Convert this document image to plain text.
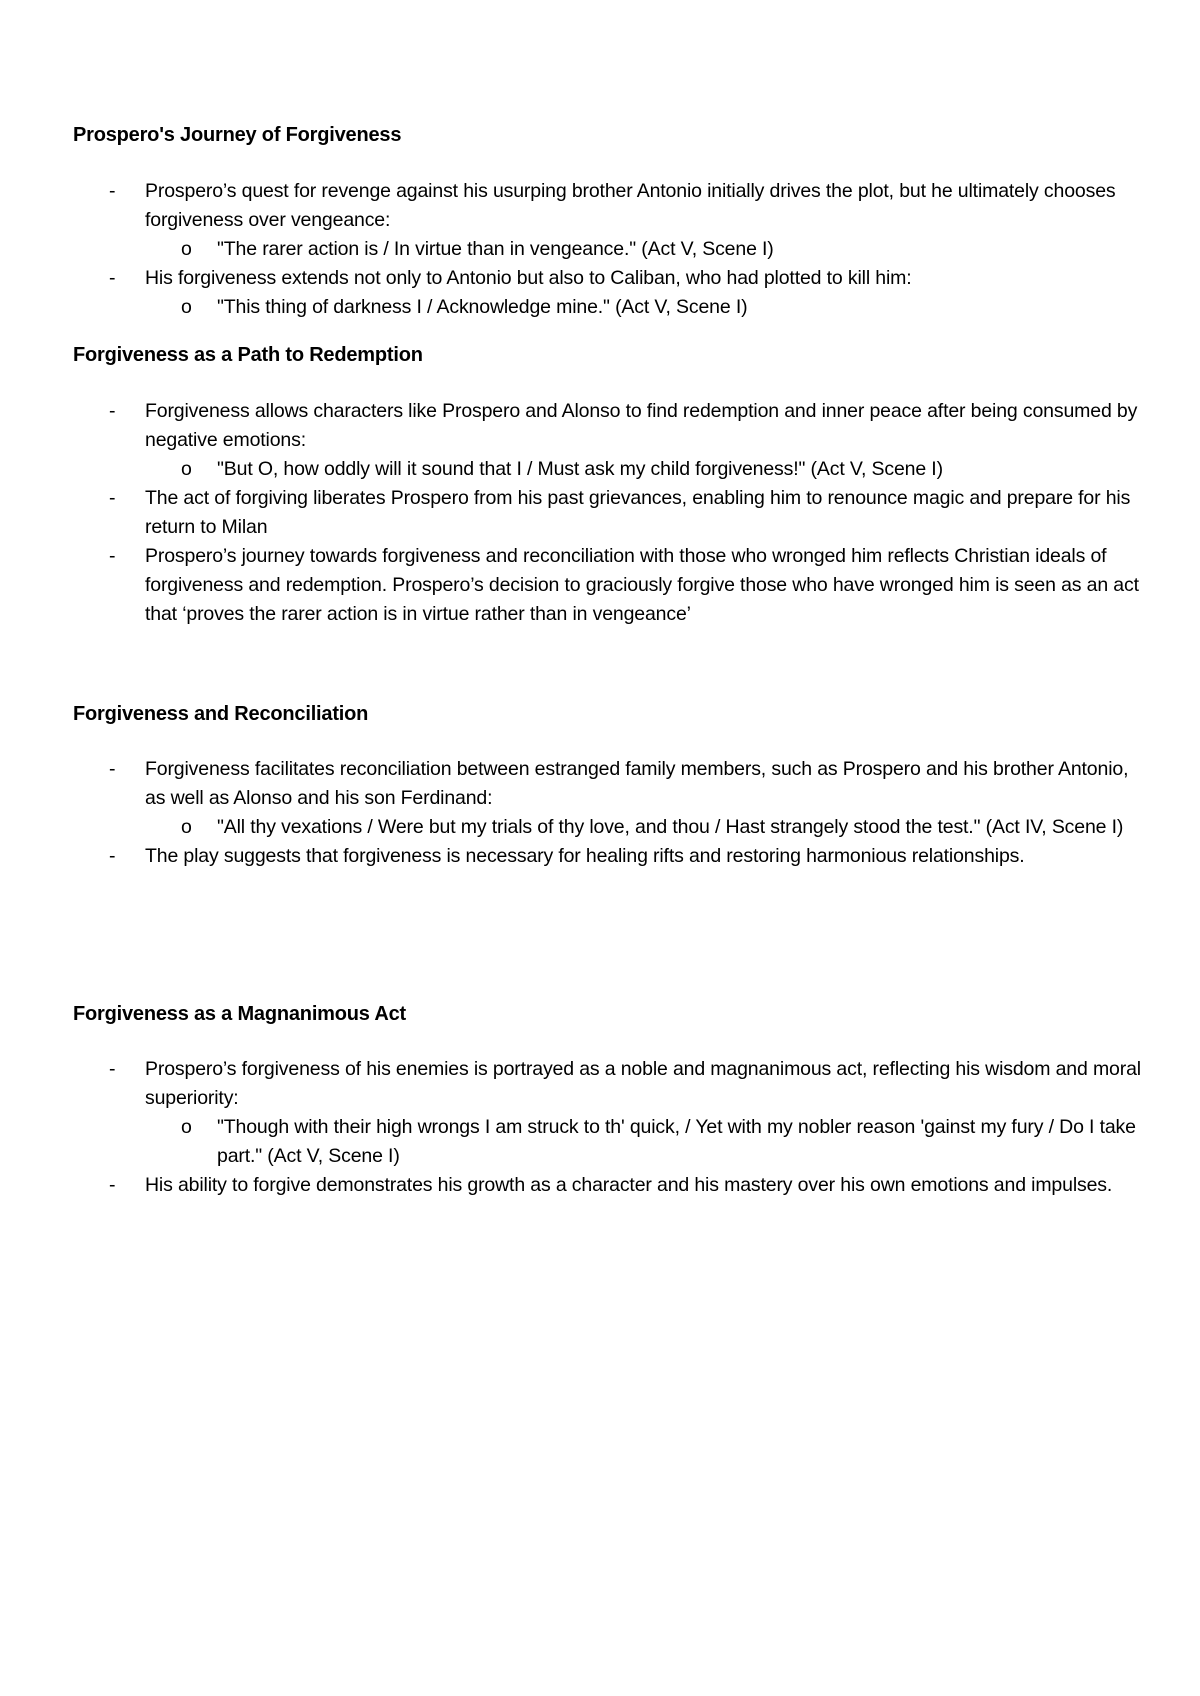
Prospero's Journey of Forgiveness
-	Prospero’s quest for revenge against his usurping brother Antonio initially drives the plot, but he ultimately chooses forgiveness over vengeance:
o	"The rarer action is / In virtue than in vengeance." (Act V, Scene I)
-	His forgiveness extends not only to Antonio but also to Caliban, who had plotted to kill him:
o	"This thing of darkness I / Acknowledge mine." (Act V, Scene I)
Forgiveness as a Path to Redemption
-	Forgiveness allows characters like Prospero and Alonso to find redemption and inner peace after being consumed by negative emotions:
o	"But O, how oddly will it sound that I / Must ask my child forgiveness!" (Act V, Scene I)
-	The act of forgiving liberates Prospero from his past grievances, enabling him to renounce magic and prepare for his return to Milan
-	Prospero’s journey towards forgiveness and reconciliation with those who wronged him reflects Christian ideals of forgiveness and redemption. Prospero’s decision to graciously forgive those who have wronged him is seen as an act that ‘proves the rarer action is in virtue rather than in vengeance’
Forgiveness and Reconciliation
-	Forgiveness facilitates reconciliation between estranged family members, such as Prospero and his brother Antonio, as well as Alonso and his son Ferdinand:
o	"All thy vexations / Were but my trials of thy love, and thou / Hast strangely stood the test." (Act IV, Scene I)
-	The play suggests that forgiveness is necessary for healing rifts and restoring harmonious relationships.
Forgiveness as a Magnanimous Act
-	Prospero’s forgiveness of his enemies is portrayed as a noble and magnanimous act, reflecting his wisdom and moral superiority:
o	"Though with their high wrongs I am struck to th' quick, / Yet with my nobler reason 'gainst my fury / Do I take part." (Act V, Scene I)
-	His ability to forgive demonstrates his growth as a character and his mastery over his own emotions and impulses.
